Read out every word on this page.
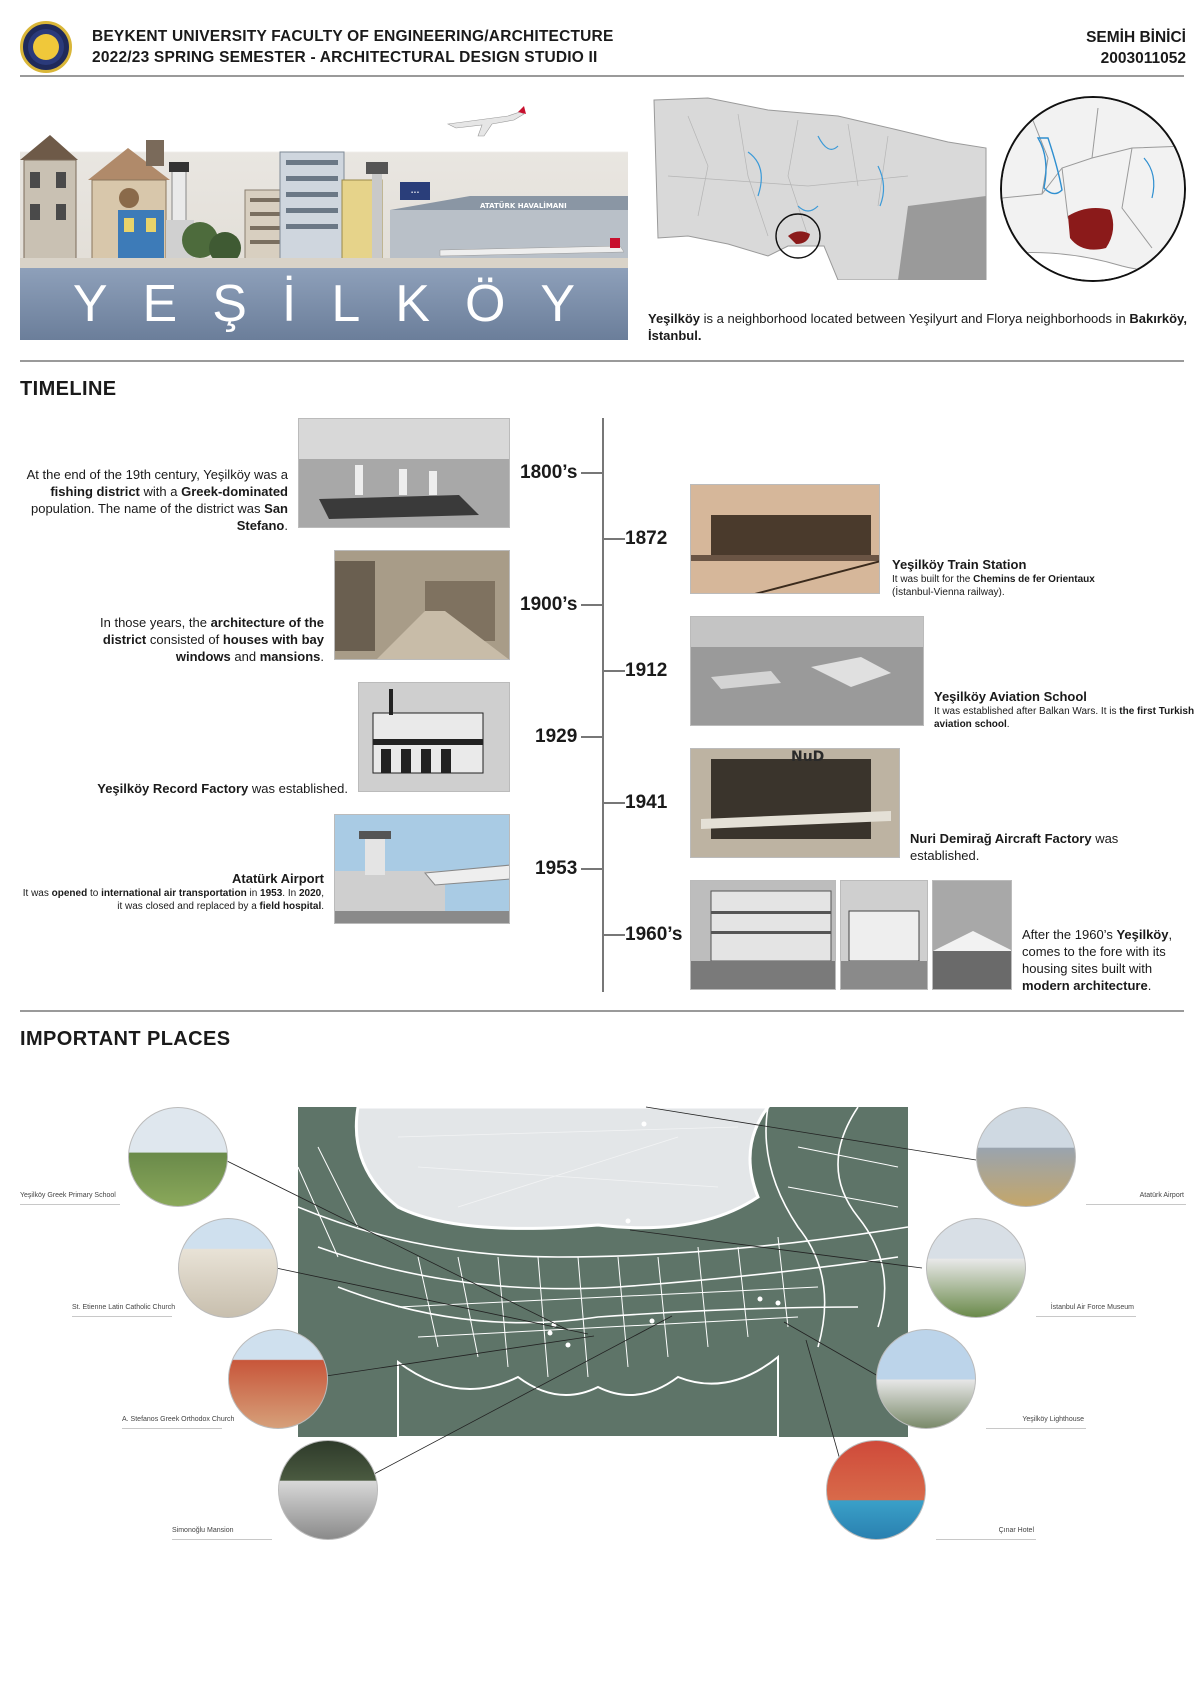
BEYKENT UNIVERSITY FACULTY OF ENGINEERING/ARCHITECTURE
2022/23 SPRING SEMESTER - ARCHITECTURAL DESIGN STUDIO II
SEMİH BİNİCİ
2003011052
•••
ATATÜRK HAVALİMANI
YEŞİLKÖY	Yeşilköy is a neighborhood located between Yeşilyurt and Florya neighborhoods in Bakırköy, İstanbul.
TIMELINE
1800’s
At the end of the 19th century, Yeşilköy was a fishing district with a Greek-dominated population. The name of the district was San Stefano.
1900’s
In those years, the architecture of the district consisted of houses with bay windows and mansions.
1929
Yeşilköy Record Factory was established.
1953
Atatürk Airport
It was opened to international air transportation in 1953. In 2020, it was closed and replaced by a field hospital.
1872
Yeşilköy Train Station
It was built for the Chemins de fer Orientaux
(İstanbul-Vienna railway).
1912
Yeşilköy Aviation School
It was established after Balkan Wars. It is the first Turkish aviation school.
1941
NuD
Nuri Demirağ Aircraft Factory was established.
1960’s	After the 1960’s Yeşilköy, comes to the fore with its housing sites built with modern architecture.
IMPORTANT PLACES
Yeşilköy Greek Primary School
St. Etienne Latin Catholic Church
A. Stefanos Greek Orthodox Church
Simonoğlu Mansion
Atatürk Airport
İstanbul Air Force Museum
Yeşilköy Lighthouse
Çınar Hotel
